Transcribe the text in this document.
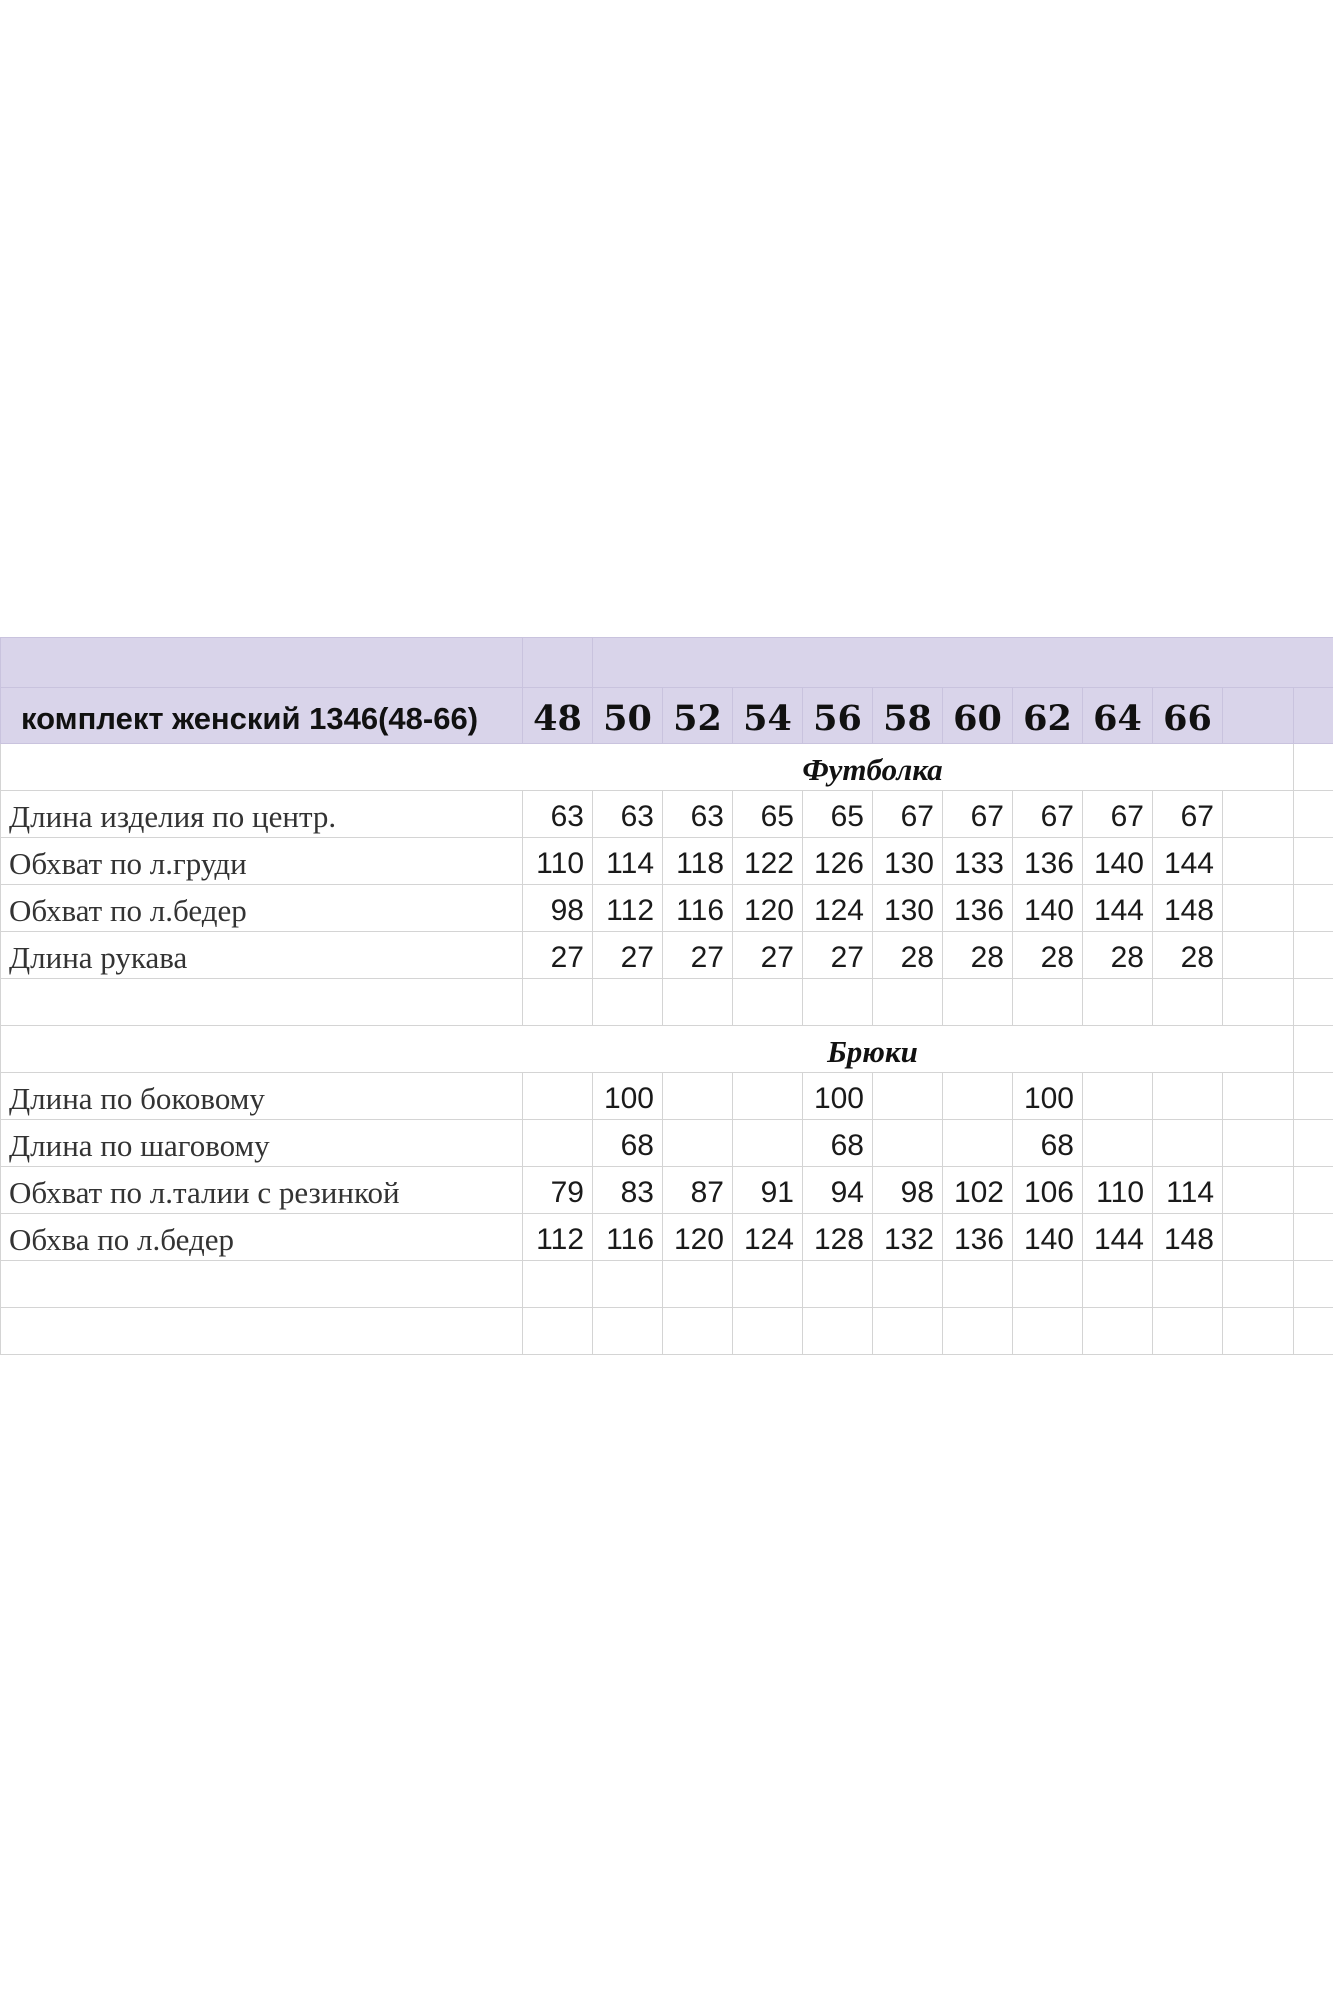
комплект женский 1346(48-66)	48	50	52	54	56	58	60	62	64	66		
	Футболка											
Длина изделия по центр.	63	63	63	65	65	67	67	67	67	67		
Обхват по л.груди	110	114	118	122	126	130	133	136	140	144		
Обхват по л.бедер	98	112	116	120	124	130	136	140	144	148		
Длина рукава	27	27	27	27	27	28	28	28	28	28		

	Брюки											
Длина по боковому		100			100			100				
Длина по шаговому		68			68			68				
Обхват по л.талии с резинкой	79	83	87	91	94	98	102	106	110	114		
Обхва по л.бедер	112	116	120	124	128	132	136	140	144	148		
